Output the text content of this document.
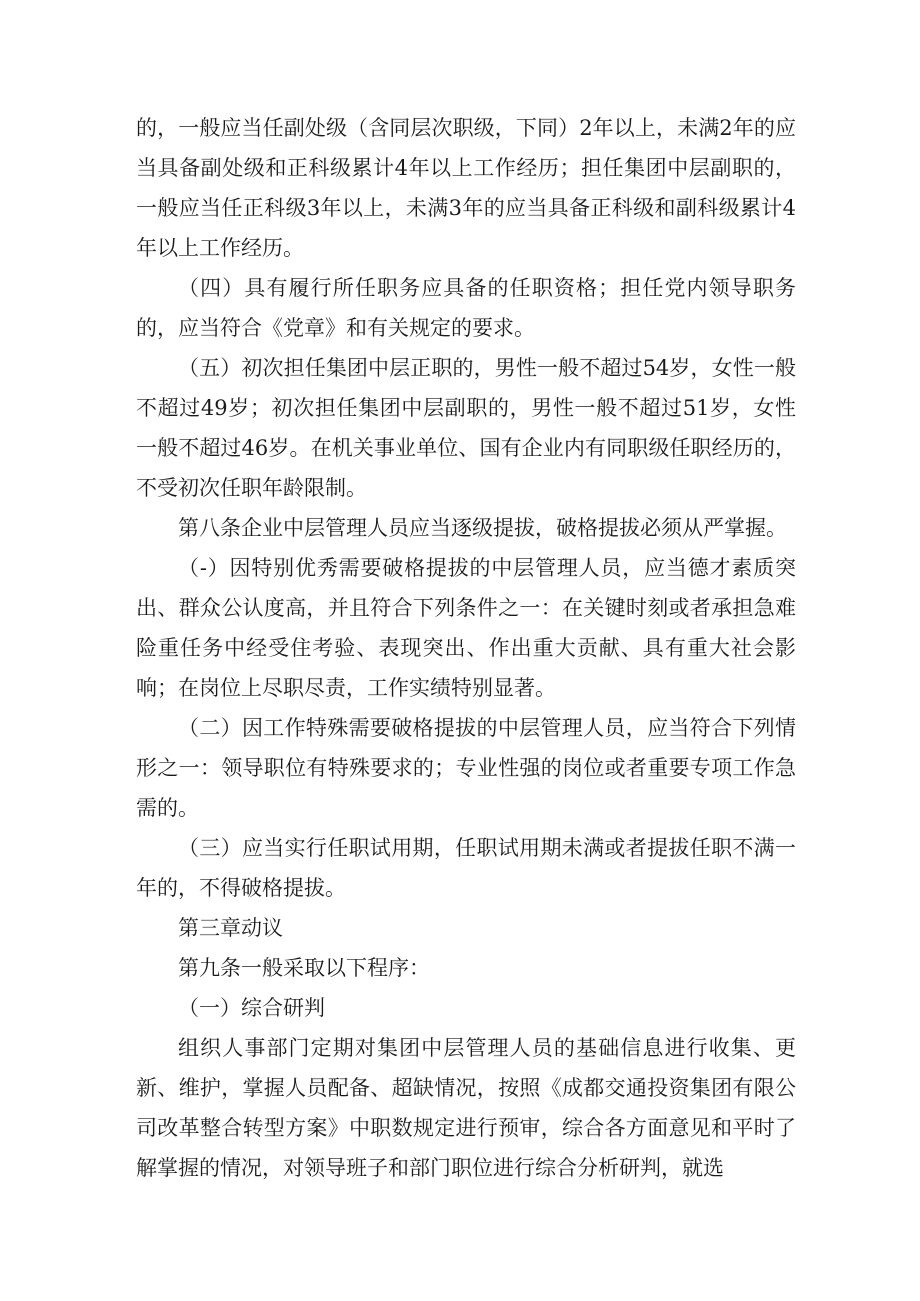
的，一般应当任副处级（含同层次职级，下同）2年以上，未满2年的应当具备副处级和正科级累计4年以上工作经历；担任集团中层副职的，一般应当任正科级3年以上，未满3年的应当具备正科级和副科级累计4年以上工作经历。

（四）具有履行所任职务应具备的任职资格；担任党内领导职务的，应当符合《党章》和有关规定的要求。

（五）初次担任集团中层正职的，男性一般不超过54岁，女性一般不超过49岁；初次担任集团中层副职的，男性一般不超过51岁，女性一般不超过46岁。在机关事业单位、国有企业内有同职级任职经历的，不受初次任职年龄限制。

第八条企业中层管理人员应当逐级提拔，破格提拔必须从严掌握。

（-）因特别优秀需要破格提拔的中层管理人员，应当德才素质突出、群众公认度高，并且符合下列条件之一：在关键时刻或者承担急难险重任务中经受住考验、表现突出、作出重大贡献、具有重大社会影响；在岗位上尽职尽责，工作实绩特别显著。

（二）因工作特殊需要破格提拔的中层管理人员，应当符合下列情形之一：领导职位有特殊要求的；专业性强的岗位或者重要专项工作急需的。

（三）应当实行任职试用期，任职试用期未满或者提拔任职不满一年的，不得破格提拔。

第三章动议

第九条一般采取以下程序：

（一）综合研判

组织人事部门定期对集团中层管理人员的基础信息进行收集、更新、维护，掌握人员配备、超缺情况，按照《成都交通投资集团有限公司改革整合转型方案》中职数规定进行预审，综合各方面意见和平时了解掌握的情况，对领导班子和部门职位进行综合分析研判，就选
